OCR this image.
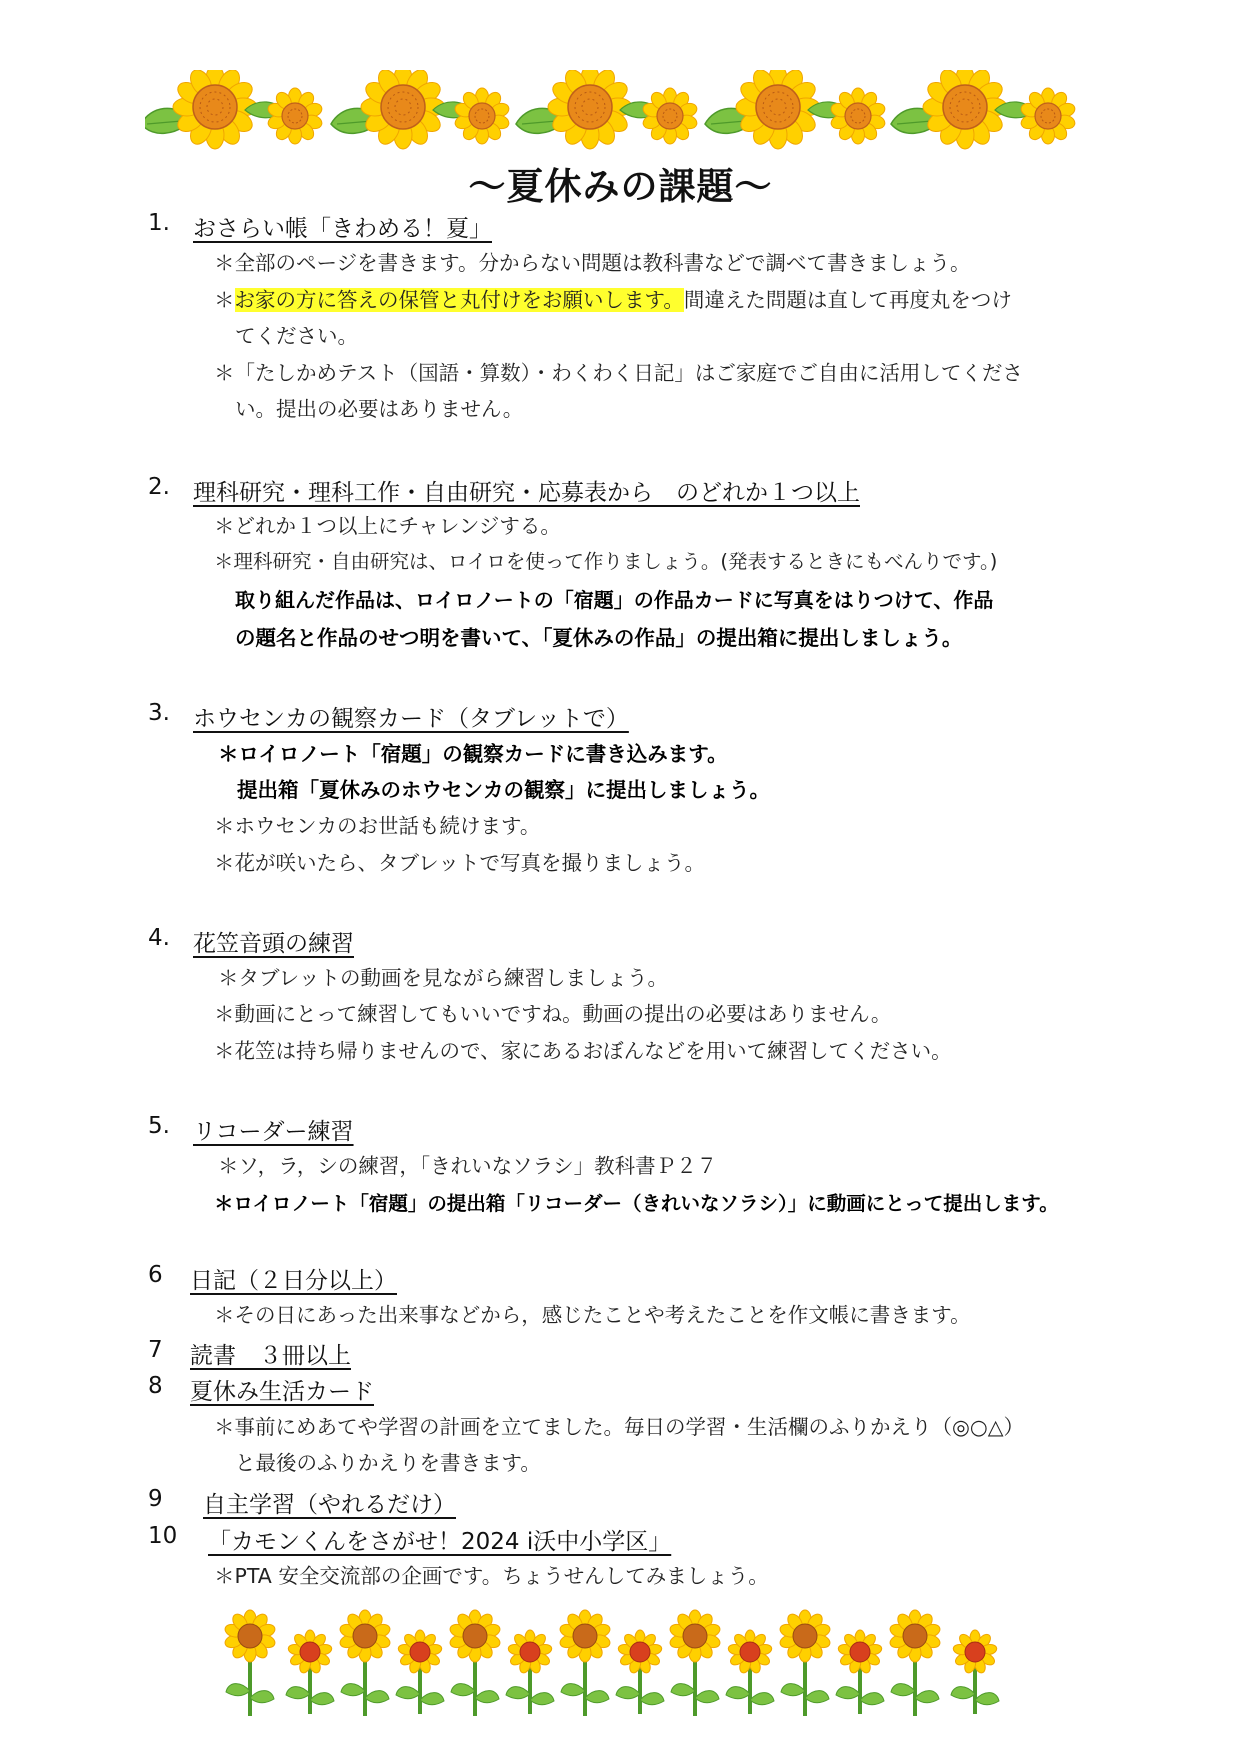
～夏休みの課題～
1. おさらい帳「きわめる！夏」
＊全部のページを書きます。分からない問題は教科書などで調べて書きましょう。
＊お家の方に答えの保管と丸付けをお願いします。間違えた問題は直して再度丸をつけ
てください。
＊「たしかめテスト（国語・算数）・わくわく日記」はご家庭でご自由に活用してくださ
い。提出の必要はありません。
2. 理科研究・理科工作・自由研究・応募表から　のどれか１つ以上
＊どれか１つ以上にチャレンジする。
＊理科研究・自由研究は、ロイロを使って作りましょう。(発表するときにもべんりです。)
取り組んだ作品は、ロイロノートの「宿題」の作品カードに写真をはりつけて、作品
の題名と作品のせつ明を書いて、「夏休みの作品」の提出箱に提出しましょう。
3. ホウセンカの観察カード（タブレットで）
＊ロイロノート「宿題」の観察カードに書き込みます。
提出箱「夏休みのホウセンカの観察」に提出しましょう。
＊ホウセンカのお世話も続けます。
＊花が咲いたら、タブレットで写真を撮りましょう。
4. 花笠音頭の練習
＊タブレットの動画を見ながら練習しましょう。
＊動画にとって練習してもいいですね。動画の提出の必要はありません。
＊花笠は持ち帰りませんので、家にあるおぼんなどを用いて練習してください。
5. リコーダー練習
＊ソ，ラ，シの練習，「きれいなソラシ」教科書Ｐ２７
＊ロイロノート「宿題」の提出箱「リコーダー（きれいなソラシ）」に動画にとって提出します。
6 日記（２日分以上）
＊その日にあった出来事などから，感じたことや考えたことを作文帳に書きます。
7 読書　３冊以上
8 夏休み生活カード
＊事前にめあてや学習の計画を立てました。毎日の学習・生活欄のふりかえり（◎○△）
と最後のふりかえりを書きます。
9 自主学習（やれるだけ）
10 「カモンくんをさがせ！2024 i沃中小学区」
＊PTA 安全交流部の企画です。ちょうせんしてみましょう。
